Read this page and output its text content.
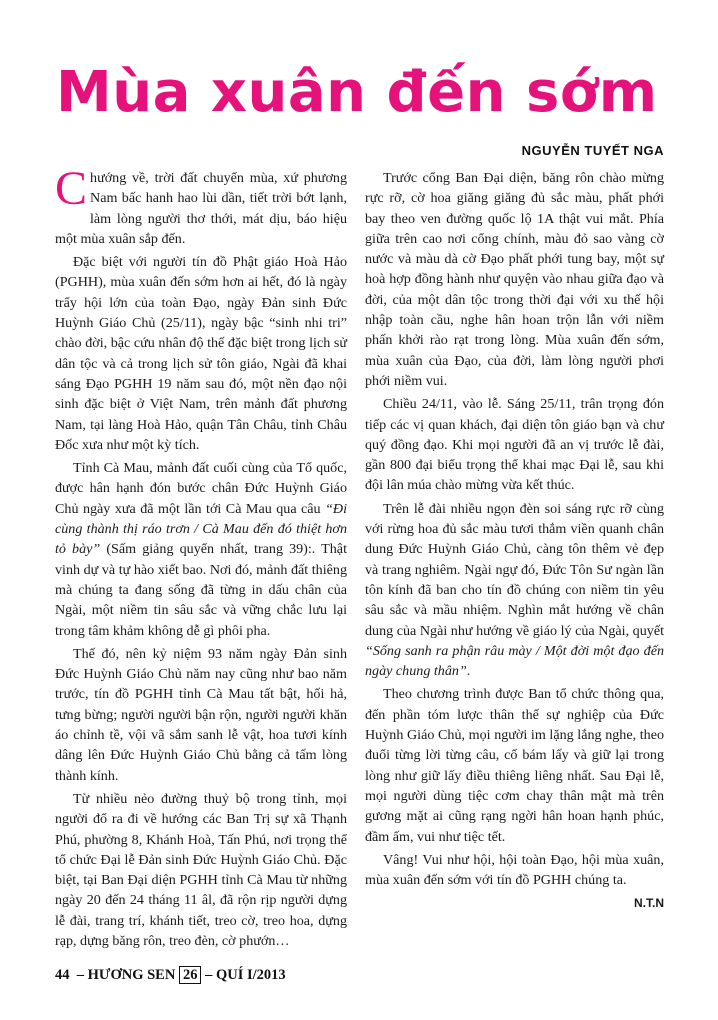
Mùa xuân đến sớm
NGUYỄN TUYẾT NGA

Chướng về, trời đất chuyển mùa, xứ phương Nam bấc hanh hao lùi dần, tiết trời bớt lạnh, làm lòng người thơ thới, mát dịu, báo hiệu một mùa xuân sắp đến.

Đặc biệt với người tín đồ Phật giáo Hoà Hảo (PGHH), mùa xuân đến sớm hơn ai hết, đó là ngày trẩy hội lớn của toàn Đạo, ngày Đản sinh Đức Huỳnh Giáo Chủ (25/11), ngày bậc “sinh nhi tri” chào đời, bậc cứu nhân độ thế đặc biệt trong lịch sử dân tộc và cả trong lịch sử tôn giáo, Ngài đã khai sáng Đạo PGHH 19 năm sau đó, một nền đạo nội sinh đặc biệt ở Việt Nam, trên mảnh đất phương Nam, tại làng Hoà Hảo, quận Tân Châu, tỉnh Châu Đốc xưa như một kỳ tích.

Tỉnh Cà Mau, mảnh đất cuối cùng của Tổ quốc, được hân hạnh đón bước chân Đức Huỳnh Giáo Chủ ngày xưa đã một lần tới Cà Mau qua câu “Đi cùng thành thị ráo trơn / Cà Mau đến đó thiệt hơn tỏ bày” (Sấm giảng quyển nhất, trang 39):. Thật vinh dự và tự hào xiết bao. Nơi đó, mảnh đất thiêng mà chúng ta đang sống đã từng in dấu chân của Ngài, một niềm tin sâu sắc và vững chắc lưu lại trong tâm khảm không dễ gì phôi pha.

Thế đó, nên kỷ niệm 93 năm ngày Đản sinh Đức Huỳnh Giáo Chủ năm nay cũng như bao năm trước, tín đồ PGHH tỉnh Cà Mau tất bật, hối hả, tưng bừng; người người bận rộn, người người khăn áo chỉnh tề, vội vã sắm sanh lễ vật, hoa tươi kính dâng lên Đức Huỳnh Giáo Chủ bằng cả tấm lòng thành kính.

Từ nhiều nẻo đường thuỷ bộ trong tỉnh, mọi người đổ ra đi về hướng các Ban Trị sự xã Thạnh Phú, phường 8, Khánh Hoà, Tấn Phú, nơi trọng thể tổ chức Đại lễ Đản sinh Đức Huỳnh Giáo Chủ. Đặc biệt, tại Ban Đại diện PGHH tỉnh Cà Mau từ những ngày 20 đến 24 tháng 11 âl, đã rộn rịp người dựng lễ đài, trang trí, khánh tiết, treo cờ, treo hoa, dựng rạp, dựng băng rôn, treo đèn, cờ phướn…

Trước cổng Ban Đại diện, băng rôn chào mừng rực rỡ, cờ hoa giăng giăng đủ sắc màu, phất phới bay theo ven đường quốc lộ 1A thật vui mắt. Phía giữa trên cao nơi cổng chính, màu đỏ sao vàng cờ nước và màu dà cờ Đạo phất phới tung bay, một sự hoà hợp đồng hành như quyện vào nhau giữa đạo và đời, của một dân tộc trong thời đại với xu thế hội nhập toàn cầu, nghe hân hoan trộn lẫn với niềm phấn khởi rào rạt trong lòng. Mùa xuân đến sớm, mùa xuân của Đạo, của đời, làm lòng người phơi phới niềm vui.

Chiều 24/11, vào lễ. Sáng 25/11, trân trọng đón tiếp các vị quan khách, đại diện tôn giáo bạn và chư quý đồng đạo. Khi mọi người đã an vị trước lễ đài, gần 800 đại biểu trọng thể khai mạc Đại lễ, sau khi đội lân múa chào mừng vừa kết thúc.

Trên lễ đài nhiều ngọn đèn soi sáng rực rỡ cùng với rừng hoa đủ sắc màu tươi thắm viền quanh chân dung Đức Huỳnh Giáo Chủ, càng tôn thêm vẻ đẹp và trang nghiêm. Ngài ngự đó, Đức Tôn Sư ngàn lần tôn kính đã ban cho tín đồ chúng con niềm tin yêu sâu sắc và mầu nhiệm. Nghìn mắt hướng về chân dung của Ngài như hướng về giáo lý của Ngài, quyết “Sống sanh ra phận râu mày / Một đời một đạo đến ngày chung thân”.

Theo chương trình được Ban tổ chức thông qua, đến phần tóm lược thân thế sự nghiệp của Đức Huỳnh Giáo Chủ, mọi người im lặng lắng nghe, theo đuổi từng lời từng câu, cố bám lấy và giữ lại trong lòng như giữ lấy điều thiêng liêng nhất. Sau Đại lễ, mọi người dùng tiệc cơm chay thân mật mà trên gương mặt ai cũng rạng ngời hân hoan hạnh phúc, đầm ấm, vui như tiệc tết.

Vâng! Vui như hội, hội toàn Đạo, hội mùa xuân, mùa xuân đến sớm với tín đồ PGHH chúng ta.

N.T.N
44 – HƯƠNG SEN 26 – QUÍ I/2013
